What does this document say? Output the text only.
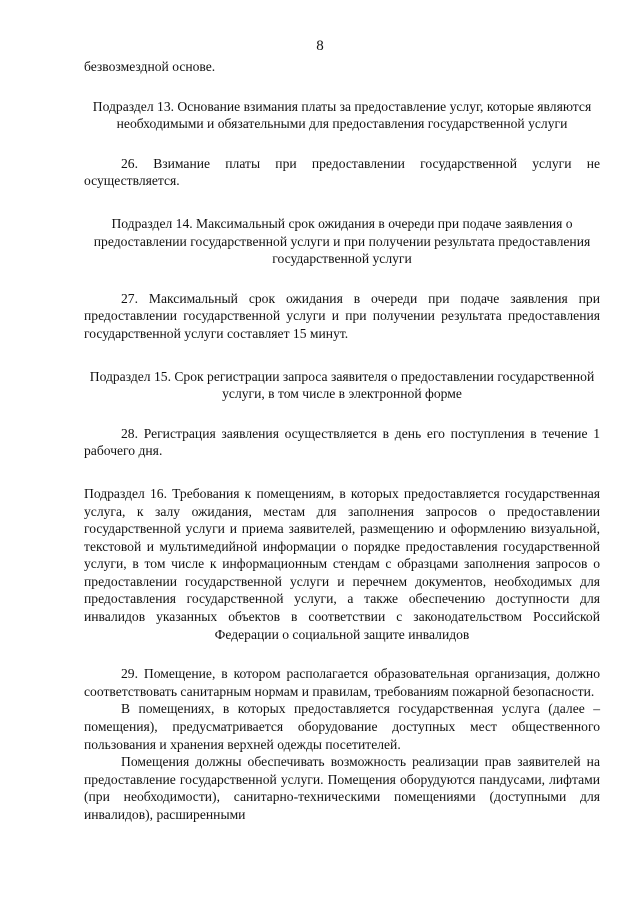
8

безвозмездной основе.

Подраздел 13. Основание взимания платы за предоставление услуг, которые являются необходимыми и обязательными для предоставления государственной услуги

26. Взимание платы при предоставлении государственной услуги не осуществляется.

Подраздел 14. Максимальный срок ожидания в очереди при подаче заявления о предоставлении государственной услуги и при получении результата предоставления государственной услуги

27. Максимальный срок ожидания в очереди при подаче заявления при предоставлении государственной услуги и при получении результата предоставления государственной услуги составляет 15 минут.

Подраздел 15. Срок регистрации запроса заявителя о предоставлении государственной услуги, в том числе в электронной форме

28. Регистрация заявления осуществляется в день его поступления в течение 1 рабочего дня.

Подраздел 16. Требования к помещениям, в которых предоставляется государственная услуга, к залу ожидания, местам для заполнения запросов о предоставлении государственной услуги и приема заявителей, размещению и оформлению визуальной, текстовой и мультимедийной информации о порядке предоставления государственной услуги, в том числе к информационным стендам с образцами заполнения запросов о предоставлении государственной услуги и перечнем документов, необходимых для предоставления государственной услуги, а также обеспечению доступности для инвалидов указанных объектов в соответствии с законодательством Российской Федерации о социальной защите инвалидов

29. Помещение, в котором располагается образовательная организация, должно соответствовать санитарным нормам и правилам, требованиям пожарной безопасности.

В помещениях, в которых предоставляется государственная услуга (далее – помещения), предусматривается оборудование доступных мест общественного пользования и хранения верхней одежды посетителей.

Помещения должны обеспечивать возможность реализации прав заявителей на предоставление государственной услуги. Помещения оборудуются пандусами, лифтами (при необходимости), санитарно-техническими помещениями (доступными для инвалидов), расширенными
